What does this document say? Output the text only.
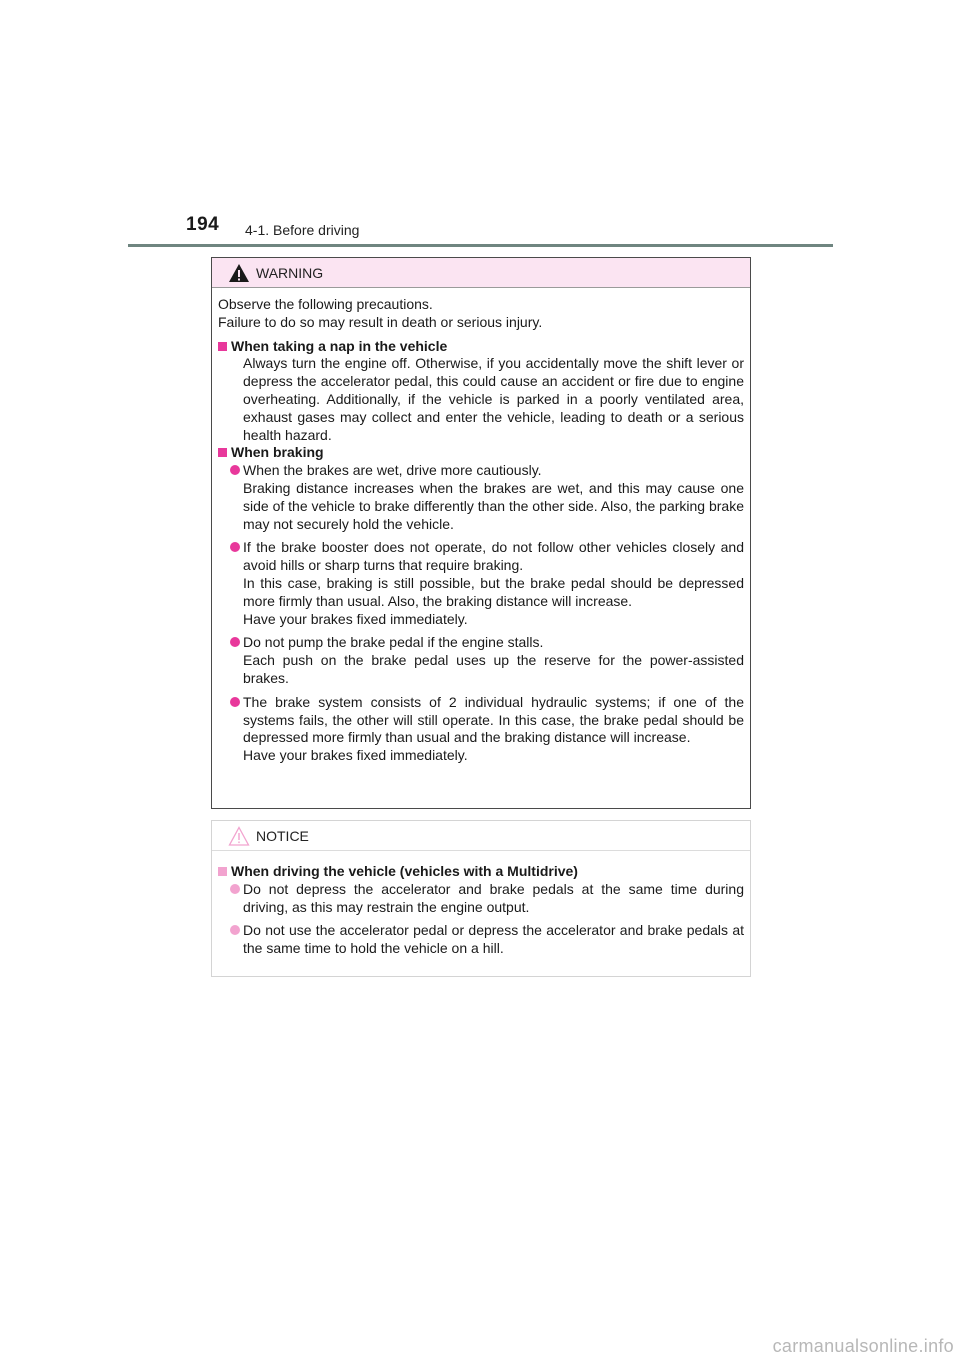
194 4-1. Before driving
WARNING

Observe the following precautions.

Failure to do so may result in death or serious injury.

When taking a nap in the vehicle

Always turn the engine off. Otherwise, if you accidentally move the shift lever or depress the accelerator pedal, this could cause an accident or fire due to engine overheating. Additionally, if the vehicle is parked in a poorly ventilated area, exhaust gases may collect and enter the vehicle, leading to death or a serious health hazard.

When braking

When the brakes are wet, drive more cautiously.

Braking distance increases when the brakes are wet, and this may cause one side of the vehicle to brake differently than the other side. Also, the parking brake may not securely hold the vehicle.

If the brake booster does not operate, do not follow other vehicles closely and avoid hills or sharp turns that require braking.

In this case, braking is still possible, but the brake pedal should be depressed more firmly than usual. Also, the braking distance will increase.

Have your brakes fixed immediately.

Do not pump the brake pedal if the engine stalls.

Each push on the brake pedal uses up the reserve for the power-assisted brakes.

The brake system consists of 2 individual hydraulic systems; if one of the systems fails, the other will still operate. In this case, the brake pedal should be depressed more firmly than usual and the braking distance will increase.

Have your brakes fixed immediately.

NOTICE

When driving the vehicle (vehicles with a Multidrive)

Do not depress the accelerator and brake pedals at the same time during driving, as this may restrain the engine output.

Do not use the accelerator pedal or depress the accelerator and brake pedals at the same time to hold the vehicle on a hill.

carmanualsonline.info
